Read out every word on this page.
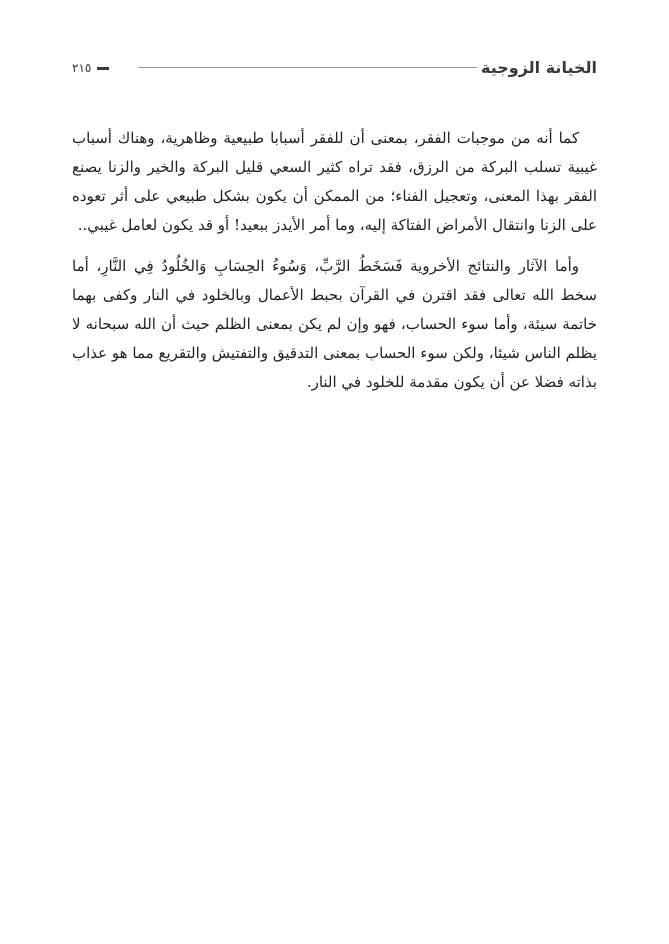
الخيانة الزوجية
٢١٥

كما أنه من موجبات الفقر، بمعنى أن للفقر أسبابا طبيعية وظاهرية، وهناك أسباب غيبية تسلب البركة من الرزق، فقد تراه كثير السعي قليل البركة والخير والزنا يصنع الفقر بهذا المعنى، وتعجيل الفناء؛ من الممكن أن يكون بشكل طبيعي على أثر تعوده على الزنا وانتقال الأمراض الفتاكة إليه، وما أمر الأيدز ببعيد! أو قد يكون لعامل غيبي..

وأما الآثار والنتائج الأخروية فَسَخَطُ الرَّبِّ، وَسُوءُ الحِسَابِ وَالخُلُودُ فِي النَّارِ، أما سخط الله تعالى فقد اقترن في القرآن بحبط الأعمال وبالخلود في النار وكفى بهما خاتمة سيئة، وأما سوء الحساب، فهو وإن لم يكن بمعنى الظلم حيث أن الله سبحانه لا يظلم الناس شيئا، ولكن سوء الحساب بمعنى التدقيق والتفتيش والتقريع مما هو عذاب بذاته فضلا عن أن يكون مقدمة للخلود في النار.
